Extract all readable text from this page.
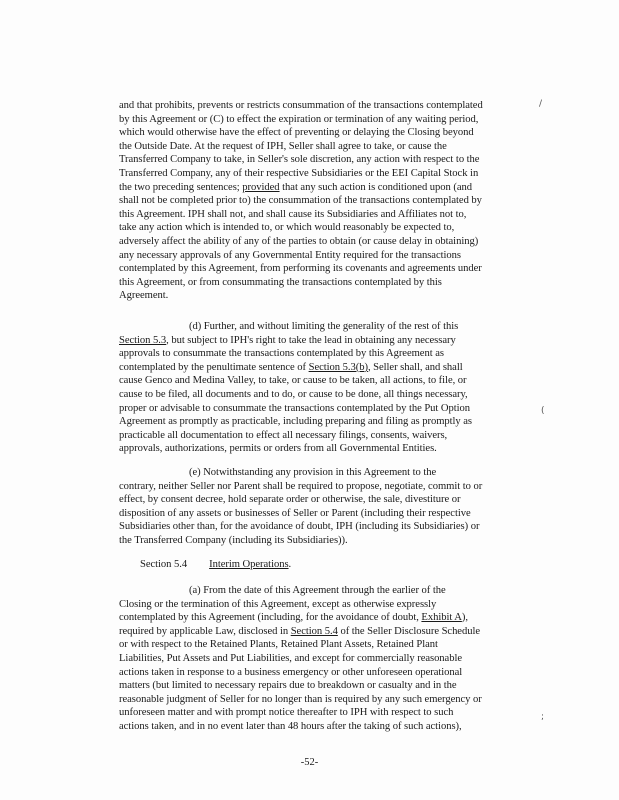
and that prohibits, prevents or restricts consummation of the transactions contemplated
by this Agreement or (C) to effect the expiration or termination of any waiting period,
which would otherwise have the effect of preventing or delaying the Closing beyond
the Outside Date. At the request of IPH, Seller shall agree to take, or cause the
Transferred Company to take, in Seller's sole discretion, any action with respect to the
Transferred Company, any of their respective Subsidiaries or the EEI Capital Stock in
the two preceding sentences; provided that any such action is conditioned upon (and
shall not be completed prior to) the consummation of the transactions contemplated by
this Agreement. IPH shall not, and shall cause its Subsidiaries and Affiliates not to,
take any action which is intended to, or which would reasonably be expected to,
adversely affect the ability of any of the parties to obtain (or cause delay in obtaining)
any necessary approvals of any Governmental Entity required for the transactions
contemplated by this Agreement, from performing its covenants and agreements under
this Agreement, or from consummating the transactions contemplated by this
Agreement.
(d) Further, and without limiting the generality of the rest of this
Section 5.3, but subject to IPH's right to take the lead in obtaining any necessary
approvals to consummate the transactions contemplated by this Agreement as
contemplated by the penultimate sentence of Section 5.3(b), Seller shall, and shall
cause Genco and Medina Valley, to take, or cause to be taken, all actions, to file, or
cause to be filed, all documents and to do, or cause to be done, all things necessary,
proper or advisable to consummate the transactions contemplated by the Put Option
Agreement as promptly as practicable, including preparing and filing as promptly as
practicable all documentation to effect all necessary filings, consents, waivers,
approvals, authorizations, permits or orders from all Governmental Entities.
(e) Notwithstanding any provision in this Agreement to the
contrary, neither Seller nor Parent shall be required to propose, negotiate, commit to or
effect, by consent decree, hold separate order or otherwise, the sale, divestiture or
disposition of any assets or businesses of Seller or Parent (including their respective
Subsidiaries other than, for the avoidance of doubt, IPH (including its Subsidiaries) or
the Transferred Company (including its Subsidiaries)).
Section 5.4 Interim Operations.
(a) From the date of this Agreement through the earlier of the
Closing or the termination of this Agreement, except as otherwise expressly
contemplated by this Agreement (including, for the avoidance of doubt, Exhibit A),
required by applicable Law, disclosed in Section 5.4 of the Seller Disclosure Schedule
or with respect to the Retained Plants, Retained Plant Assets, Retained Plant
Liabilities, Put Assets and Put Liabilities, and except for commercially reasonable
actions taken in response to a business emergency or other unforeseen operational
matters (but limited to necessary repairs due to breakdown or casualty and in the
reasonable judgment of Seller for no longer than is required by any such emergency or
unforeseen matter and with prompt notice thereafter to IPH with respect to such
actions taken, and in no event later than 48 hours after the taking of such actions),
/
(
;
-52-
